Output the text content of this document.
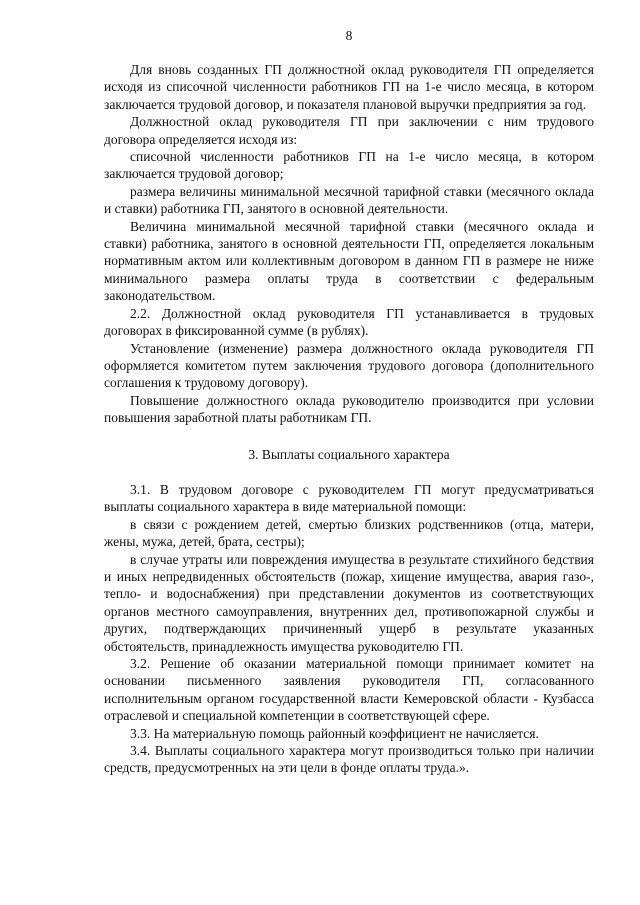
8

Для вновь созданных ГП должностной оклад руководителя ГП определяется исходя из списочной численности работников ГП на 1-е число месяца, в котором заключается трудовой договор, и показателя плановой выручки предприятия за год.

Должностной оклад руководителя ГП при заключении с ним трудового договора определяется исходя из:

списочной численности работников ГП на 1-е число месяца, в котором заключается трудовой договор;

размера величины минимальной месячной тарифной ставки (месячного оклада и ставки) работника ГП, занятого в основной деятельности.

Величина минимальной месячной тарифной ставки (месячного оклада и ставки) работника, занятого в основной деятельности ГП, определяется локальным нормативным актом или коллективным договором в данном ГП в размере не ниже минимального размера оплаты труда в соответствии с федеральным законодательством.

2.2. Должностной оклад руководителя ГП устанавливается в трудовых договорах в фиксированной сумме (в рублях).

Установление (изменение) размера должностного оклада руководителя ГП оформляется комитетом путем заключения трудового договора (дополнительного соглашения к трудовому договору).

Повышение должностного оклада руководителю производится при условии повышения заработной платы работникам ГП.

3. Выплаты социального характера

3.1. В трудовом договоре с руководителем ГП могут предусматриваться выплаты социального характера в виде материальной помощи:

в связи с рождением детей, смертью близких родственников (отца, матери, жены, мужа, детей, брата, сестры);

в случае утраты или повреждения имущества в результате стихийного бедствия и иных непредвиденных обстоятельств (пожар, хищение имущества, авария газо-, тепло- и водоснабжения) при представлении документов из соответствующих органов местного самоуправления, внутренних дел, противопожарной службы и других, подтверждающих причиненный ущерб в результате указанных обстоятельств, принадлежность имущества руководителю ГП.

3.2. Решение об оказании материальной помощи принимает комитет на основании письменного заявления руководителя ГП, согласованного исполнительным органом государственной власти Кемеровской области - Кузбасса отраслевой и специальной компетенции в соответствующей сфере.

3.3. На материальную помощь районный коэффициент не начисляется.

3.4. Выплаты социального характера могут производиться только при наличии средств, предусмотренных на эти цели в фонде оплаты труда.».
